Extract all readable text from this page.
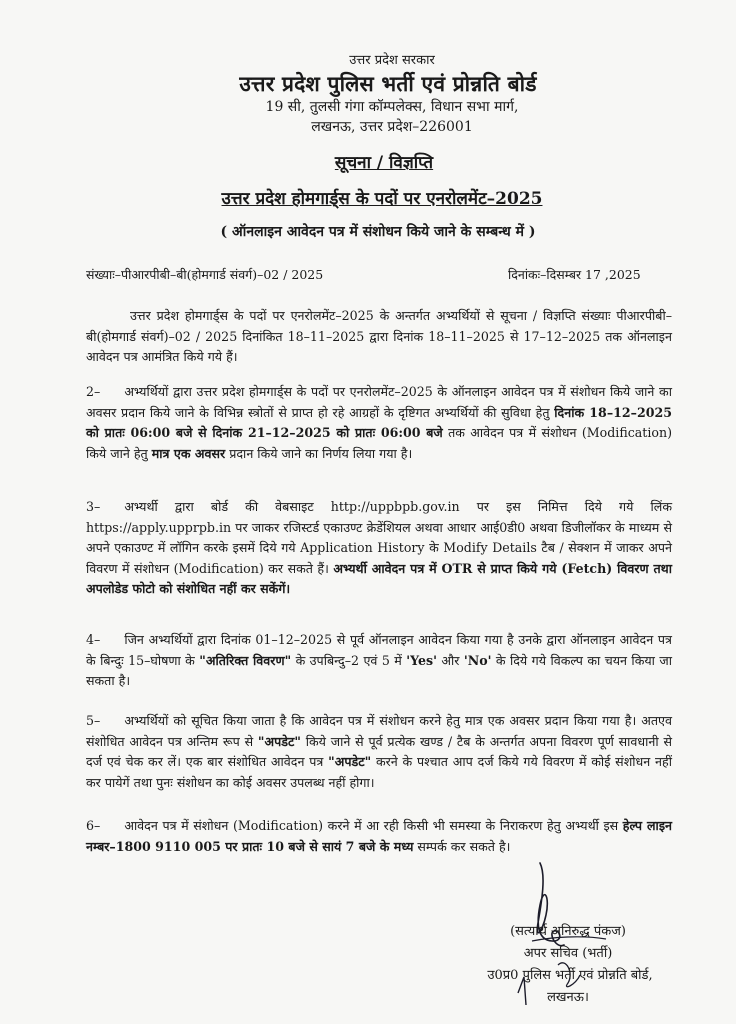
उत्तर प्रदेश सरकार
उत्तर प्रदेश पुलिस भर्ती एवं प्रोन्नति बोर्ड
19 सी, तुलसी गंगा कॉम्पलेक्स, विधान सभा मार्ग,
लखनऊ, उत्तर प्रदेश–226001
सूचना / विज्ञप्ति
उत्तर प्रदेश होमगार्ड्स के पदों पर एनरोलमेंट–2025
( ऑनलाइन आवेदन पत्र में संशोधन किये जाने के सम्बन्ध में )
संख्याः–पीआरपीबी–बी(होमगार्ड संवर्ग)–02 / 2025	दिनांकः–दिसम्बर 17 ,2025

उत्तर प्रदेश होमगार्ड्स के पदों पर एनरोलमेंट–2025 के अन्तर्गत अभ्यर्थियों से सूचना / विज्ञप्ति संख्याः पीआरपीबी–बी(होमगार्ड संवर्ग)–02 / 2025 दिनांकित 18–11–2025 द्वारा दिनांक 18–11–2025 से 17–12–2025 तक ऑनलाइन आवेदन पत्र आमंत्रित किये गये हैं।

2– अभ्यर्थियों द्वारा उत्तर प्रदेश होमगार्ड्स के पदों पर एनरोलमेंट–2025 के ऑनलाइन आवेदन पत्र में संशोधन किये जाने का अवसर प्रदान किये जाने के विभिन्न स्त्रोतों से प्राप्त हो रहे आग्रहों के दृष्टिगत अभ्यर्थियों की सुविधा हेतु दिनांक 18–12–2025 को प्रातः 06:00 बजे से दिनांक 21–12–2025 को प्रातः 06:00 बजे तक आवेदन पत्र में संशोधन (Modification) किये जाने हेतु मात्र एक अवसर प्रदान किये जाने का निर्णय लिया गया है।

3– अभ्यर्थी द्वारा बोर्ड की वेबसाइट http://uppbpb.gov.in पर इस निमित्त दिये गये लिंक https://apply.upprpb.in पर जाकर रजिस्टर्ड एकाउण्ट क्रेडेंशियल अथवा आधार आई0डी0 अथवा डिजीलॉकर के माध्यम से अपने एकाउण्ट में लॉगिन करके इसमें दिये गये Application History के Modify Details टैब / सेक्शन में जाकर अपने विवरण में संशोधन (Modification) कर सकते हैं। अभ्यर्थी आवेदन पत्र में OTR से प्राप्त किये गये (Fetch) विवरण तथा अपलोडेड फोटो को संशोधित नहीं कर सकेंगें।

4– जिन अभ्यर्थियों द्वारा दिनांक 01–12–2025 से पूर्व ऑनलाइन आवेदन किया गया है उनके द्वारा ऑनलाइन आवेदन पत्र के बिन्दुः 15–घोषणा के "अतिरिक्त विवरण" के उपबिन्दु–2 एवं 5 में 'Yes' और 'No' के दिये गये विकल्प का चयन किया जा सकता है।

5– अभ्यर्थियों को सूचित किया जाता है कि आवेदन पत्र में संशोधन करने हेतु मात्र एक अवसर प्रदान किया गया है। अतएव संशोधित आवेदन पत्र अन्तिम रूप से "अपडेट" किये जाने से पूर्व प्रत्येक खण्ड / टैब के अन्तर्गत अपना विवरण पूर्ण सावधानी से दर्ज एवं चेक कर लें। एक बार संशोधित आवेदन पत्र "अपडेट" करने के पश्चात आप दर्ज किये गये विवरण में कोई संशोधन नहीं कर पायेगें तथा पुनः संशोधन का कोई अवसर उपलब्ध नहीं होगा।

6– आवेदन पत्र में संशोधन (Modification) करने में आ रही किसी भी समस्या के निराकरण हेतु अभ्यर्थी इस हेल्प लाइन नम्बर–1800 9110 005 पर प्रातः 10 बजे से सायं 7 बजे के मध्य सम्पर्क कर सकते है।

(सत्यार्थ अनिरुद्ध पंकज)
अपर सचिव (भर्ती)
उ0प्र0 पुलिस भर्ती एवं प्रोन्नति बोर्ड,
लखनऊ।
